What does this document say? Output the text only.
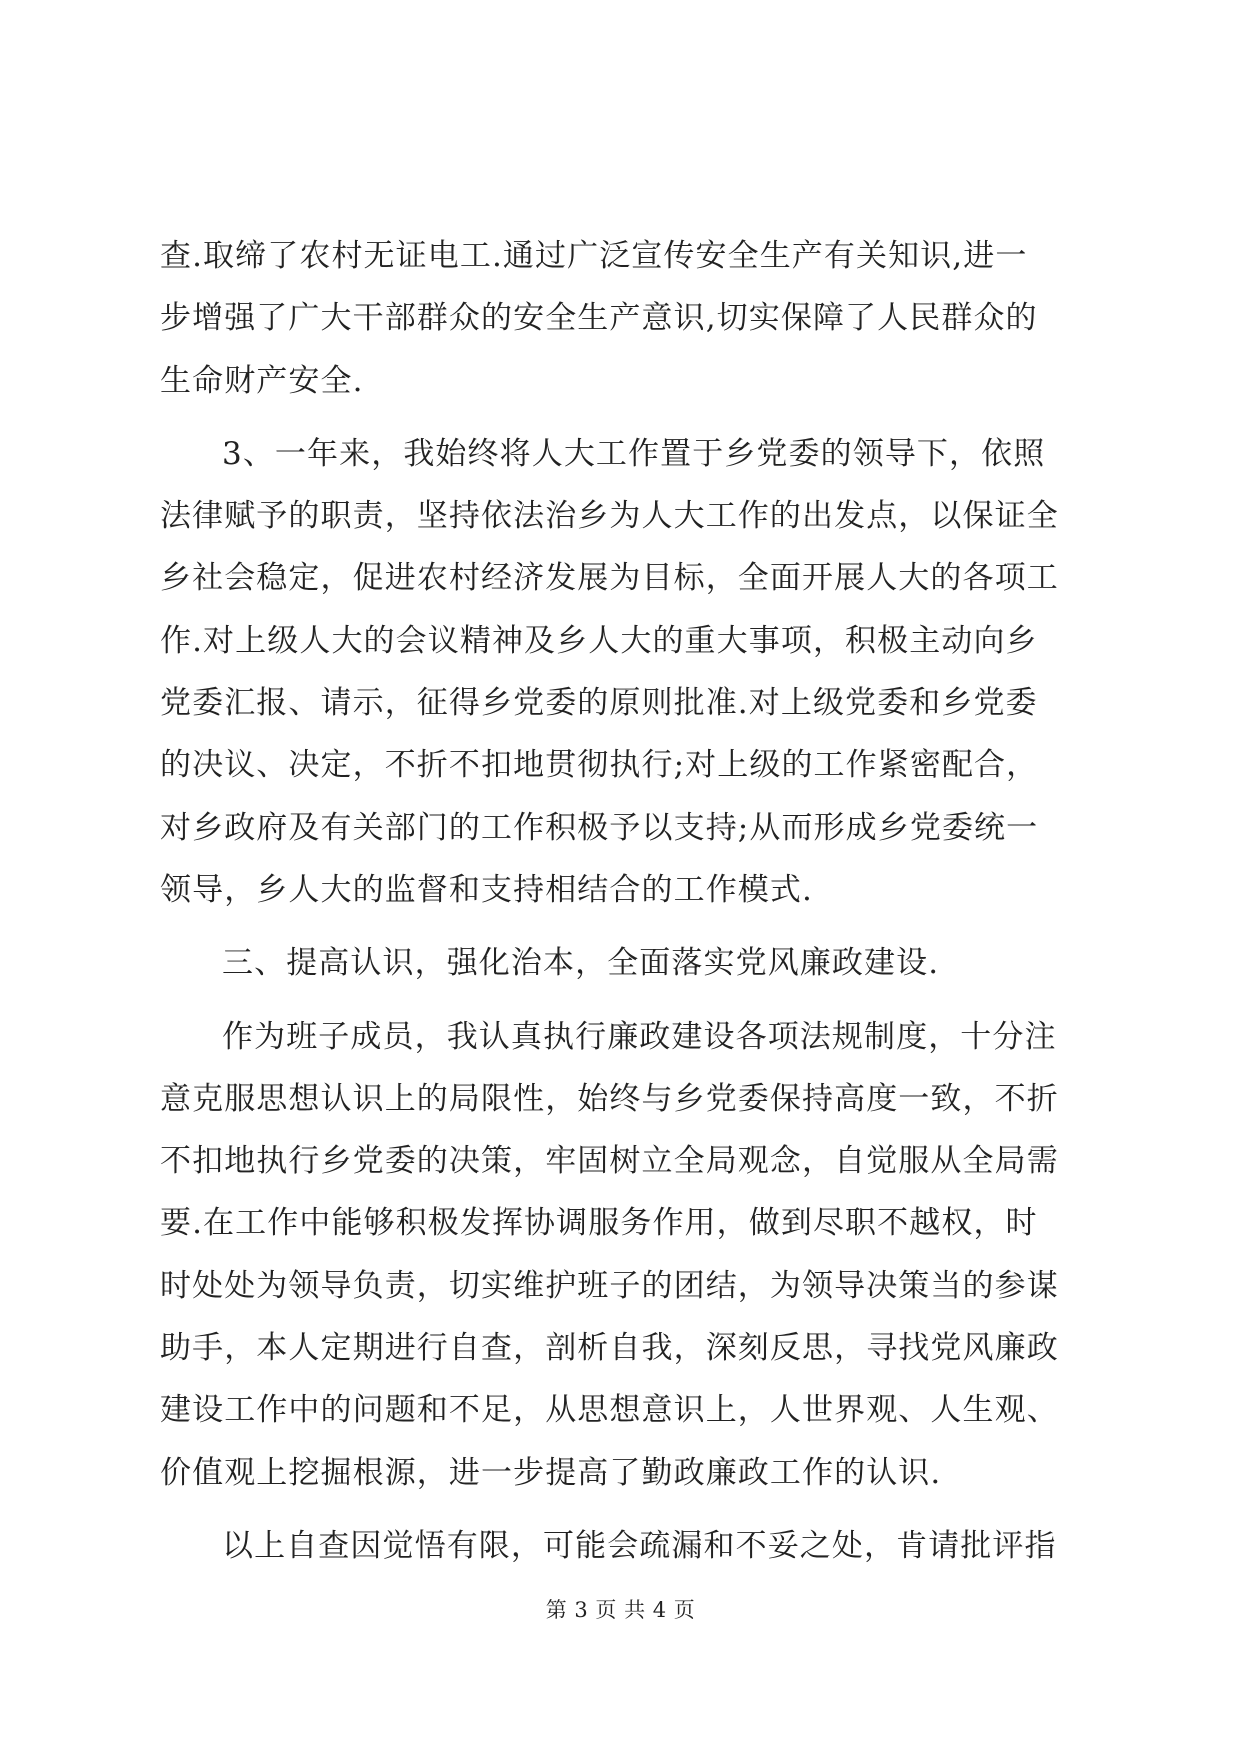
查.取缔了农村无证电工.通过广泛宣传安全生产有关知识,进一
步增强了广大干部群众的安全生产意识,切实保障了人民群众的
生命财产安全.
3、一年来，我始终将人大工作置于乡党委的领导下，依照
法律赋予的职责，坚持依法治乡为人大工作的出发点，以保证全
乡社会稳定，促进农村经济发展为目标，全面开展人大的各项工
作.对上级人大的会议精神及乡人大的重大事项，积极主动向乡
党委汇报、请示，征得乡党委的原则批准.对上级党委和乡党委
的决议、决定，不折不扣地贯彻执行;对上级的工作紧密配合，
对乡政府及有关部门的工作积极予以支持;从而形成乡党委统一
领导，乡人大的监督和支持相结合的工作模式.
三、提高认识，强化治本，全面落实党风廉政建设.
作为班子成员，我认真执行廉政建设各项法规制度，十分注
意克服思想认识上的局限性，始终与乡党委保持高度一致，不折
不扣地执行乡党委的决策，牢固树立全局观念，自觉服从全局需
要.在工作中能够积极发挥协调服务作用，做到尽职不越权，时
时处处为领导负责，切实维护班子的团结，为领导决策当的参谋
助手，本人定期进行自查，剖析自我，深刻反思，寻找党风廉政
建设工作中的问题和不足，从思想意识上，人世界观、人生观、
价值观上挖掘根源，进一步提高了勤政廉政工作的认识.
以上自查因觉悟有限，可能会疏漏和不妥之处，肯请批评指
第 3 页 共 4 页
